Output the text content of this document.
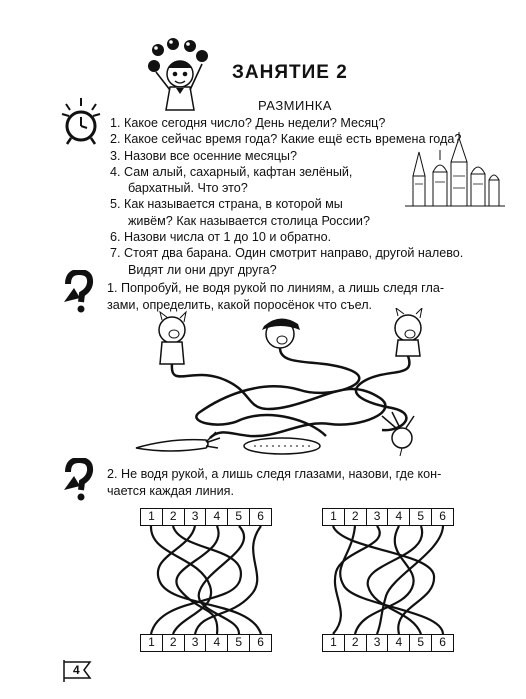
ЗАНЯТИЕ 2
РАЗМИНКА
1. Какое сегодня число? День недели? Месяц?
2. Какое сейчас время года? Какие ещё есть времена года?
3. Назови все осенние месяцы?
4. Сам алый, сахарный, кафтан зелёный,
бархатный. Что это?
5. Как называется страна, в которой мы
живём? Как называется столица России?
6. Назови числа от 1 до 10 и обратно.
7. Стоят два барана. Один смотрит направо, другой налево.
Видят ли они друг друга?
1. Попробуй, не водя рукой по линиям, а лишь следя гла-
зами, определить, какой поросёнок что съел.
2. Не водя рукой, а лишь следя глазами, назови, где кон-
чается каждая линия.
1	2	3	4	5	6
1	2	3	4	5	6
1	2	3	4	5	6
1	2	3	4	5	6
4
